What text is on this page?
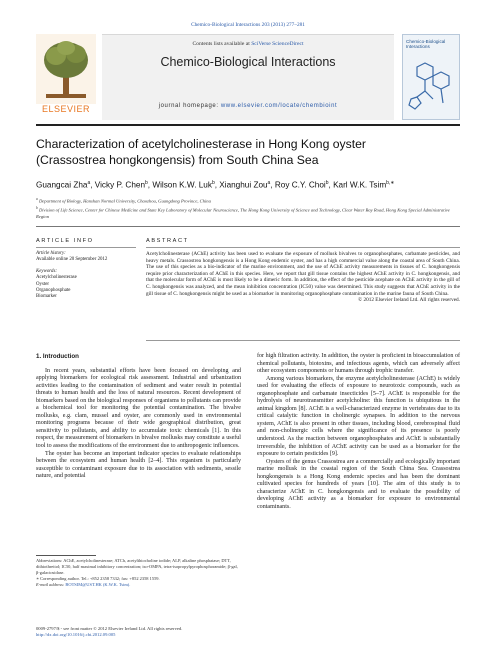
Chemico-Biological Interactions 203 (2013) 277–281
ELSEVIER
Contents lists available at SciVerse ScienceDirect
Chemico-Biological Interactions
journal homepage: www.elsevier.com/locate/chembioint
Chemico-Biological Interactions
Characterization of acetylcholinesterase in Hong Kong oyster
(Crassostrea hongkongensis) from South China Sea
Guangcai Zha$^a$, Vicky P. Chen$^b$, Wilson K.W. Luk$^b$, Xianghui Zou$^a$, Roy C.Y. Choi$^b$, Karl W.K. Tsim$^{b,∗}$
$^a$ Department of Biology, Hanshan Normal University, Chaozhou, Guangdong Province, China
$^b$ Division of Life Science, Center for Chinese Medicine and State Key Laboratory of Molecular Neuroscience, The Hong Kong University of Science and Technology, Clear Water Bay Road, Hong Kong Special Administrative Region
ARTICLE INFO	ABSTRACT
Article history:
Available online 20 September 2012
Keywords:
Acetylcholinesterase
Oyster
Organophosphate
Biomarker
Acetylcholinesterase (AChE) activity has been used to evaluate the exposure of mollusk bivalves to organophosphates, carbamate pesticides, and heavy metals. Crassostrea hongkongensis is a Hong Kong endemic oyster, and has a high commercial value along the coastal area of South China. The use of this species as a bio-indicator of the marine environment, and the use of AChE activity measurements in tissues of C. hongkongensis require prior characterization of AChE in this species. Here, we report that gill tissue contains the highest AChE activity in C. hongkongensis, and that the molecular form of AChE is most likely to be a dimeric form. In addition, the effect of the pesticide acephate on AChE activity in the gill of C. hongkongensis was analyzed, and the mean inhibition concentration (IC50) value was determined. This study suggests that AChE activity in the gill tissue of C. hongkongensis might be used as a biomarker in monitoring organophosphate contamination in the marine fauna of South China.
© 2012 Elsevier Ireland Ltd. All rights reserved.
1. Introduction

In recent years, substantial efforts have been focused on developing and applying biomarkers for ecological risk assessment. Industrial and urbanization activities leading to the contamination of sediment and water result in potential threats to human health and the loss of natural resources. Recent development of biomarkers based on the biological responses of organisms to pollutants can provide a biochemical tool for monitoring the potential contamination. The bivalve mollusks, e.g. clam, mussel and oyster, are commonly used in environmental monitoring programs because of their wide geographical distribution, great sensitivity to pollutants, and ability to accumulate toxic chemicals [1]. In this respect, the measurement of biomarkers in bivalve mollusks may constitute a useful tool to assess the modifications of the environment due to anthropogenic influences.

The oyster has become an important indicator species to evaluate relationships between the ecosystem and human health [2–4]. This organism is particularly susceptible to contaminant exposure due to its association with sediments, sessile nature, and potential

for high filtration activity. In addition, the oyster is proficient in bioaccumulation of chemical pollutants, biotoxins, and infectious agents, which can adversely affect other ecosystem components or humans through trophic transfer.

Among various biomarkers, the enzyme acetylcholinesterase (AChE) is widely used for evaluating the effects of exposure to neurotoxic compounds, such as organophosphate and carbamate insecticides [5–7]. AChE is responsible for the hydrolysis of neurotransmitter acetylcholine: this function is ubiquitous in the animal kingdom [8]. AChE is a well-characterized enzyme in vertebrates due to its critical catalytic function in cholinergic synapses. In addition to the nervous system, AChE is also present in other tissues, including blood, cerebrospinal fluid and non-cholinergic cells where the significance of its presence is poorly understood. As the reaction between organophosphates and AChE is substantially irreversible, the inhibition of AChE activity can be used as a biomarker for the exposure to certain pesticides [9].

Oysters of the genus Crassostrea are a commercially and ecologically important marine mollusk in the coastal region of the South China Sea. Crassostrea hongkongensis is a Hong Kong endemic species and has been the dominant cultivated species for hundreds of years [10]. The aim of this study is to characterize AChE in C. hongkongensis and to evaluate the possibility of developing AChE activity as a biomarker for exposure to environmental contaminants.

Abbreviations: AChE, acetylcholinesterase; ATCh, acetylthiocholine iodide; ALP, alkaline phosphatase; DTT, dithiothreitol; IC50, half maximal inhibitory concentration; iso-OMPA, tetra-isopropylpyrophosphoramide; β-gal, β-galactosidase.
∗ Corresponding author. Tel.: +852 2358 7332; fax: +852 2358 1559.
E-mail address: BOTSIM@UST.HK (K.W.K. Tsim).
0009-2797/$ - see front matter © 2012 Elsevier Ireland Ltd. All rights reserved.
http://dx.doi.org/10.1016/j.cbi.2012.09.005
